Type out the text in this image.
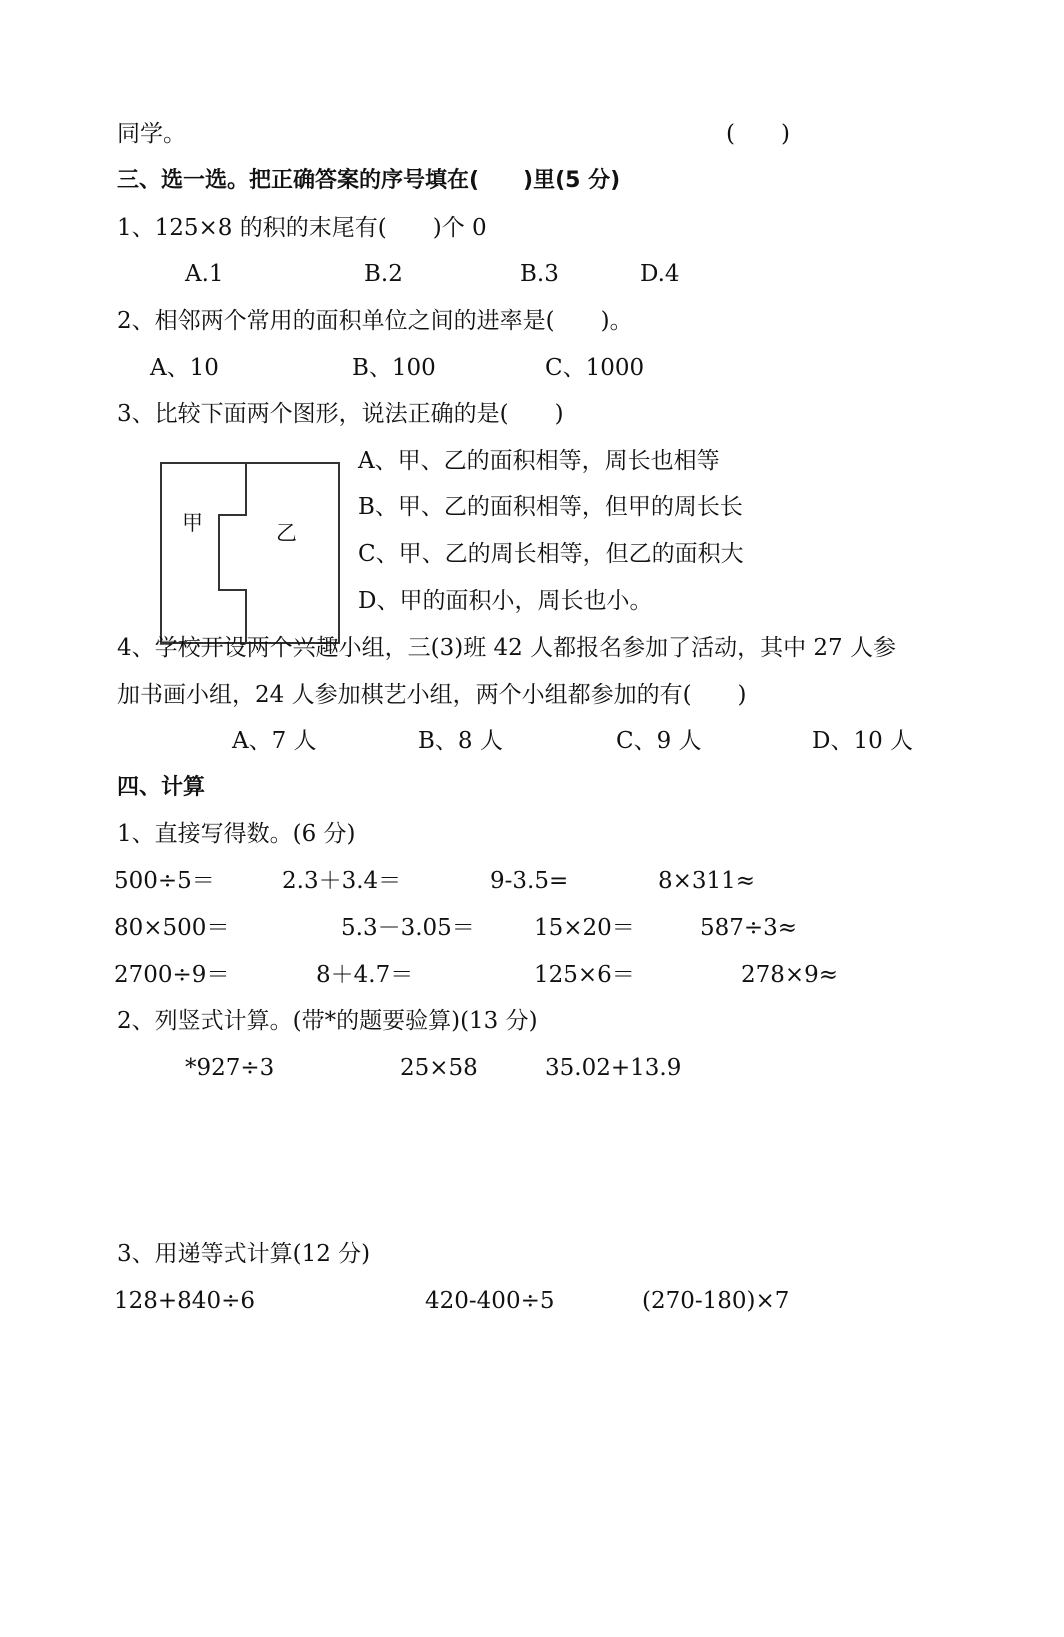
同学。	(　　)
三、选一选。把正确答案的序号填在(　　)里(5 分)
1、125×8 的积的末尾有(　　)个 0
A.1	B.2	B.3	D.4
2、相邻两个常用的面积单位之间的进率是(　　)。
A、10	B、100	C、1000
3、比较下面两个图形，说法正确的是(　　)
甲	乙
A、甲、乙的面积相等，周长也相等
B、甲、乙的面积相等，但甲的周长长
C、甲、乙的周长相等，但乙的面积大
D、甲的面积小，周长也小。
4、学校开设两个兴趣小组，三(3)班 42 人都报名参加了活动，其中 27 人参
加书画小组，24 人参加棋艺小组，两个小组都参加的有(　　)
A、7 人	B、8 人	C、9 人	D、10 人
四、计算
1、直接写得数。(6 分)
500÷5＝	2.3＋3.4＝	9-3.5=	8×311≈
80×500＝	5.3－3.05＝	15×20＝	587÷3≈
2700÷9＝	8＋4.7＝	125×6＝	278×9≈
2、列竖式计算。(带*的题要验算)(13 分)
*927÷3	25×58	35.02+13.9
3、用递等式计算(12 分)
128+840÷6	420-400÷5	(270-180)×7
